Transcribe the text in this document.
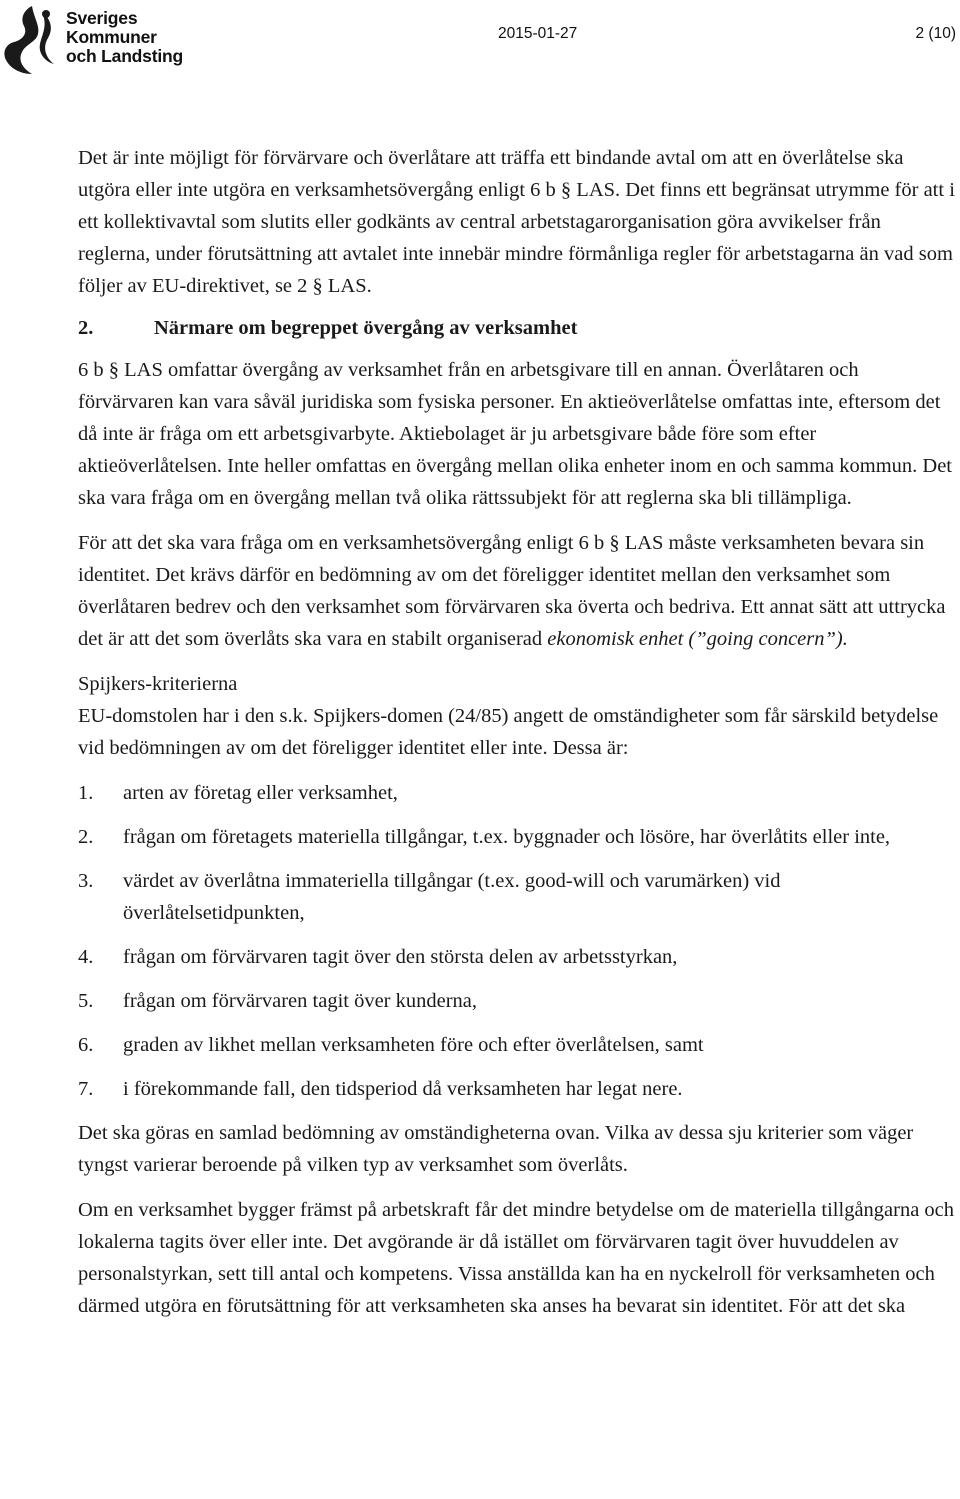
Sveriges
Kommuner
och Landsting
2015-01-27	2 (10)

Det är inte möjligt för förvärvare och överlåtare att träffa ett bindande avtal om att en överlåtelse ska utgöra eller inte utgöra en verksamhetsövergång enligt 6 b § LAS. Det finns ett begränsat utrymme för att i ett kollektivavtal som slutits eller godkänts av central arbetstagarorganisation göra avvikelser från reglerna, under förutsättning att avtalet inte innebär mindre förmånliga regler för arbetstagarna än vad som följer av EU-direktivet, se 2 § LAS.

2.	Närmare om begreppet övergång av verksamhet

6 b § LAS omfattar övergång av verksamhet från en arbetsgivare till en annan. Överlåtaren och förvärvaren kan vara såväl juridiska som fysiska personer. En aktieöverlåtelse omfattas inte, eftersom det då inte är fråga om ett arbetsgivarbyte. Aktiebolaget är ju arbetsgivare både före som efter aktieöverlåtelsen. Inte heller omfattas en övergång mellan olika enheter inom en och samma kommun. Det ska vara fråga om en övergång mellan två olika rättssubjekt för att reglerna ska bli tillämpliga.

För att det ska vara fråga om en verksamhetsövergång enligt 6 b § LAS måste verksamheten bevara sin identitet. Det krävs därför en bedömning av om det föreligger identitet mellan den verksamhet som överlåtaren bedrev och den verksamhet som förvärvaren ska överta och bedriva. Ett annat sätt att uttrycka det är att det som överlåts ska vara en stabilt organiserad ekonomisk enhet (”going concern”).

Spijkers-kriterierna

EU-domstolen har i den s.k. Spijkers-domen (24/85) angett de omständigheter som får särskild betydelse vid bedömningen av om det föreligger identitet eller inte. Dessa är:

1.	arten av företag eller verksamhet,
2.	frågan om företagets materiella tillgångar, t.ex. byggnader och lösöre, har överlåtits eller inte,
3.	värdet av överlåtna immateriella tillgångar (t.ex. good-will och varumärken) vid överlåtelsetidpunkten,
4.	frågan om förvärvaren tagit över den största delen av arbetsstyrkan,
5.	frågan om förvärvaren tagit över kunderna,
6.	graden av likhet mellan verksamheten före och efter överlåtelsen, samt
7.	i förekommande fall, den tidsperiod då verksamheten har legat nere.

Det ska göras en samlad bedömning av omständigheterna ovan. Vilka av dessa sju kriterier som väger tyngst varierar beroende på vilken typ av verksamhet som överlåts.

Om en verksamhet bygger främst på arbetskraft får det mindre betydelse om de materiella tillgångarna och lokalerna tagits över eller inte. Det avgörande är då istället om förvärvaren tagit över huvuddelen av personalstyrkan, sett till antal och kompetens. Vissa anställda kan ha en nyckelroll för verksamheten och därmed utgöra en förutsättning för att verksamheten ska anses ha bevarat sin identitet. För att det ska
